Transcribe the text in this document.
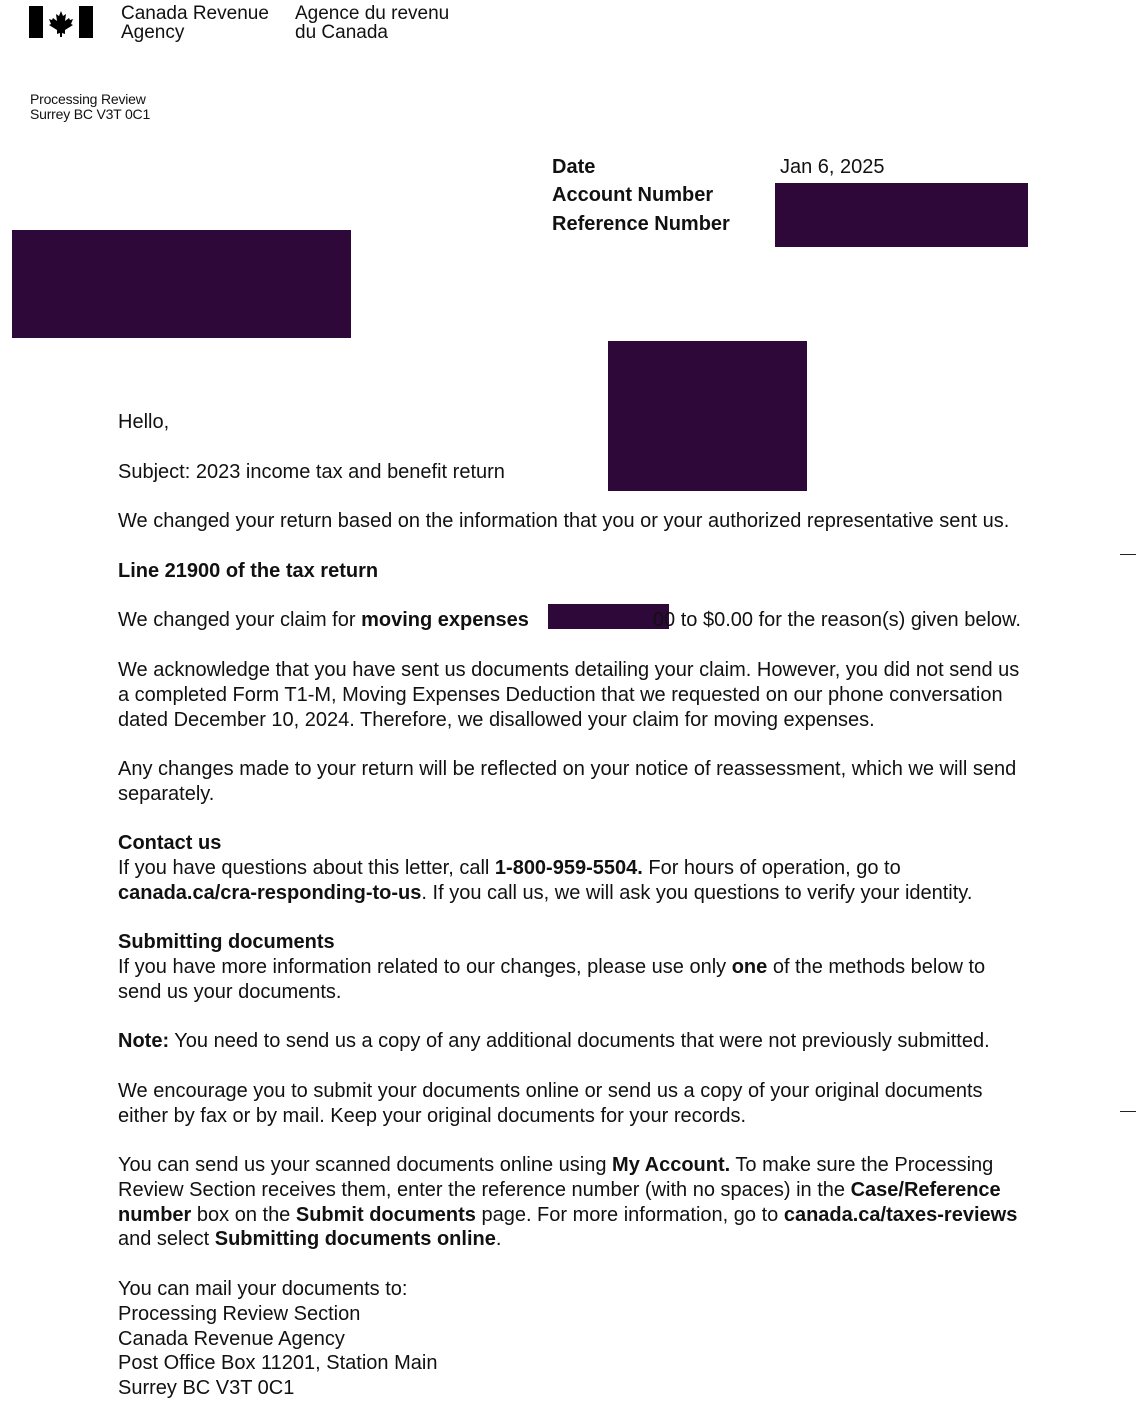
Canada Revenue
Agency
Agence du revenu
du Canada
Processing Review
Surrey BC V3T 0C1
Date	Jan 6, 2025
Account Number
Reference Number

Hello,

Subject: 2023 income tax and benefit return

We changed your return based on the information that you or your authorized representative sent us.

Line 21900 of the tax return

We changed your claim for moving expenses	00 to $0.00 for the reason(s) given below.

We acknowledge that you have sent us documents detailing your claim. However, you did not send us
a completed Form T1-M, Moving Expenses Deduction that we requested on our phone conversation
dated December 10, 2024. Therefore, we disallowed your claim for moving expenses.

Any changes made to your return will be reflected on your notice of reassessment, which we will send
separately.

Contact us

If you have questions about this letter, call 1-800-959-5504. For hours of operation, go to
canada.ca/cra-responding-to-us. If you call us, we will ask you questions to verify your identity.

Submitting documents

If you have more information related to our changes, please use only one of the methods below to
send us your documents.

Note: You need to send us a copy of any additional documents that were not previously submitted.

We encourage you to submit your documents online or send us a copy of your original documents
either by fax or by mail. Keep your original documents for your records.

You can send us your scanned documents online using My Account. To make sure the Processing
Review Section receives them, enter the reference number (with no spaces) in the Case/Reference
number box on the Submit documents page. For more information, go to canada.ca/taxes-reviews
and select Submitting documents online.

You can mail your documents to:
Processing Review Section
Canada Revenue Agency
Post Office Box 11201, Station Main
Surrey BC V3T 0C1
